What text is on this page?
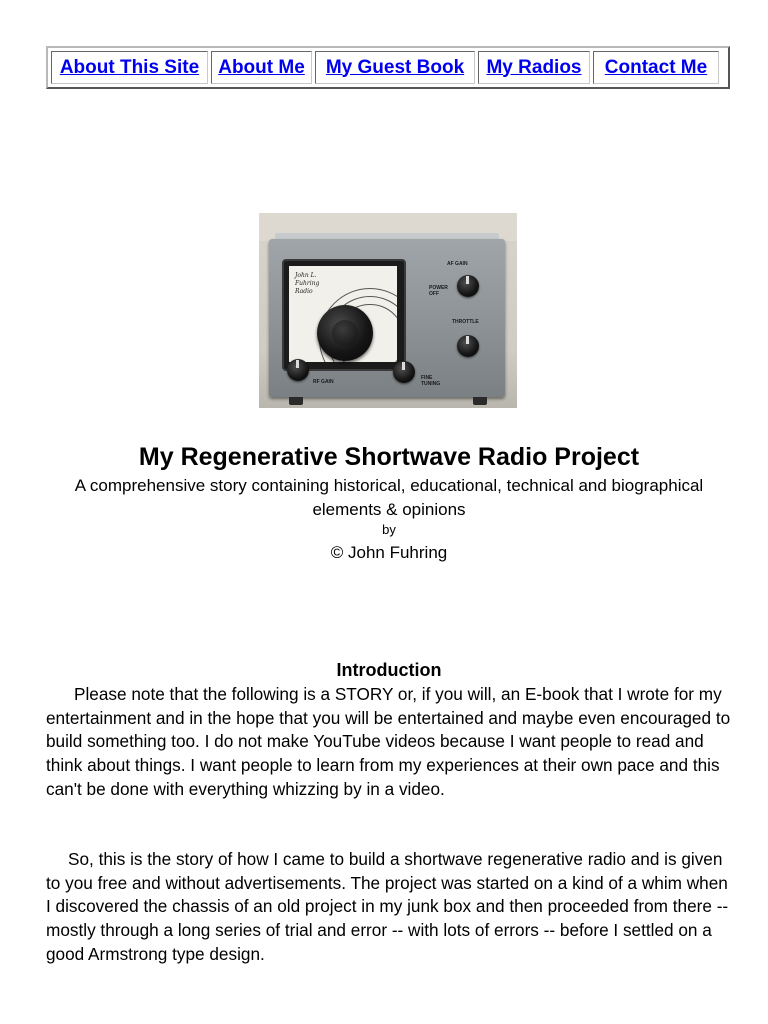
About This Site About Me My Guest Book My Radios Contact Me
John L.
Fuhring
Radio
AF GAIN
POWER OFF
THROTTLE
RF GAIN
FINE TUNING
My Regenerative Shortwave Radio Project

A comprehensive story containing historical, educational, technical and biographical elements & opinions

by

© John Fuhring

Introduction

Please note that the following is a STORY or, if you will, an E-book that I wrote for my entertainment and in the hope that you will be entertained and maybe even encouraged to build something too. I do not make YouTube videos because I want people to read and think about things. I want people to learn from my experiences at their own pace and this can't be done with everything whizzing by in a video.

So, this is the story of how I came to build a shortwave regenerative radio and is given to you free and without advertisements. The project was started on a kind of a whim when I discovered the chassis of an old project in my junk box and then proceeded from there -- mostly through a long series of trial and error -- with lots of errors -- before I settled on a good Armstrong type design.
